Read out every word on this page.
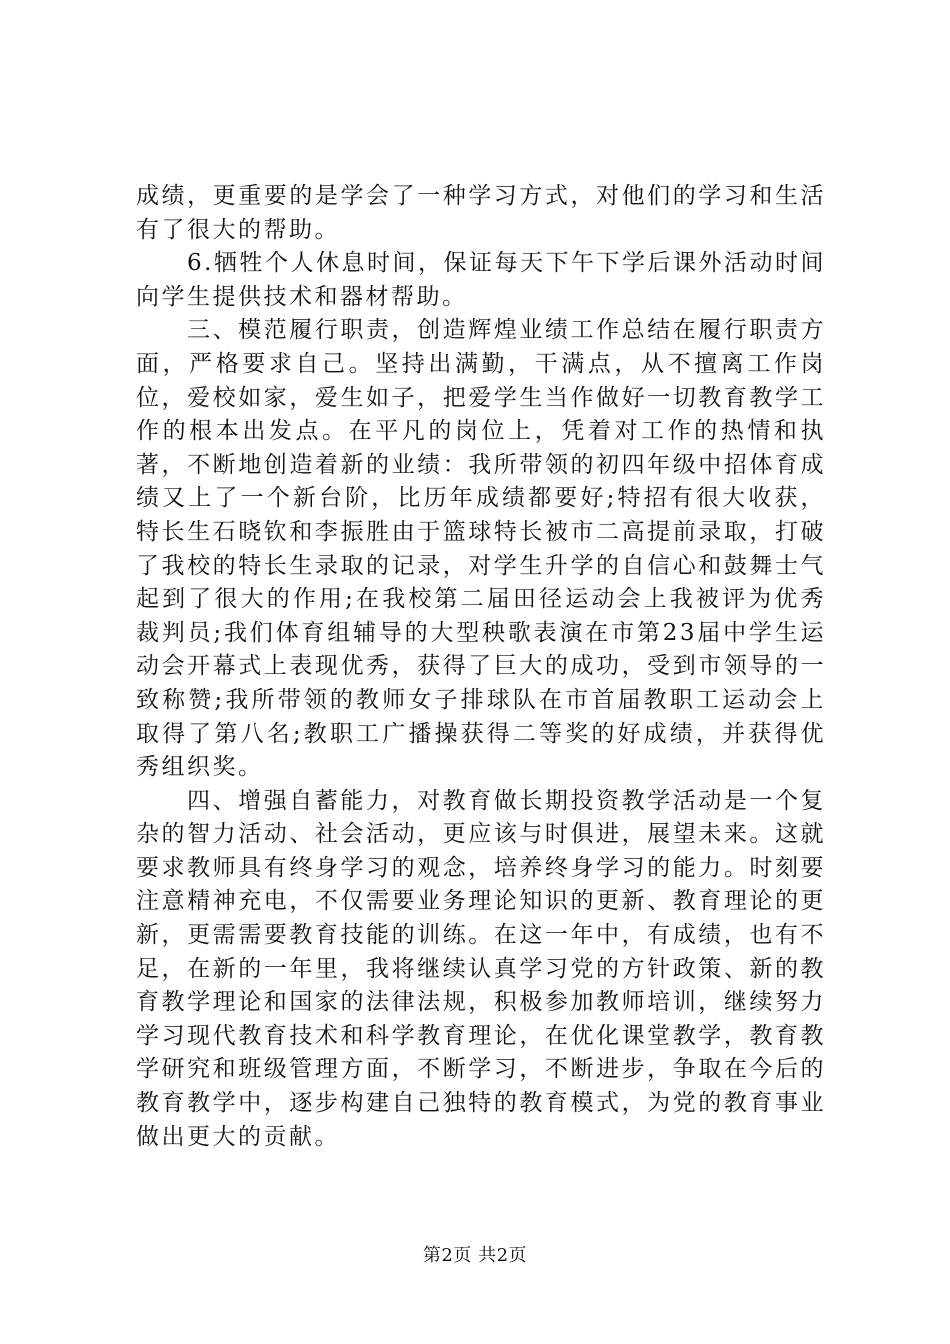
成绩，更重要的是学会了一种学习方式，对他们的学习和生活有了很大的帮助。

6.牺牲个人休息时间，保证每天下午下学后课外活动时间向学生提供技术和器材帮助。

三、模范履行职责，创造辉煌业绩工作总结在履行职责方面，严格要求自己。坚持出满勤，干满点，从不擅离工作岗位，爱校如家，爱生如子，把爱学生当作做好一切教育教学工作的根本出发点。在平凡的岗位上，凭着对工作的热情和执著，不断地创造着新的业绩：我所带领的初四年级中招体育成绩又上了一个新台阶，比历年成绩都要好;特招有很大收获，特长生石晓钦和李振胜由于篮球特长被市二高提前录取，打破了我校的特长生录取的记录，对学生升学的自信心和鼓舞士气起到了很大的作用;在我校第二届田径运动会上我被评为优秀裁判员;我们体育组辅导的大型秧歌表演在市第23届中学生运动会开幕式上表现优秀，获得了巨大的成功，受到市领导的一致称赞;我所带领的教师女子排球队在市首届教职工运动会上取得了第八名;教职工广播操获得二等奖的好成绩，并获得优秀组织奖。

四、增强自蓄能力，对教育做长期投资教学活动是一个复杂的智力活动、社会活动，更应该与时俱进，展望未来。这就要求教师具有终身学习的观念，培养终身学习的能力。时刻要注意精神充电，不仅需要业务理论知识的更新、教育理论的更新，更需需要教育技能的训练。在这一年中，有成绩，也有不足，在新的一年里，我将继续认真学习党的方针政策、新的教育教学理论和国家的法律法规，积极参加教师培训，继续努力学习现代教育技术和科学教育理论，在优化课堂教学，教育教学研究和班级管理方面，不断学习，不断进步，争取在今后的教育教学中，逐步构建自己独特的教育模式，为党的教育事业做出更大的贡献。

第2页 共2页
